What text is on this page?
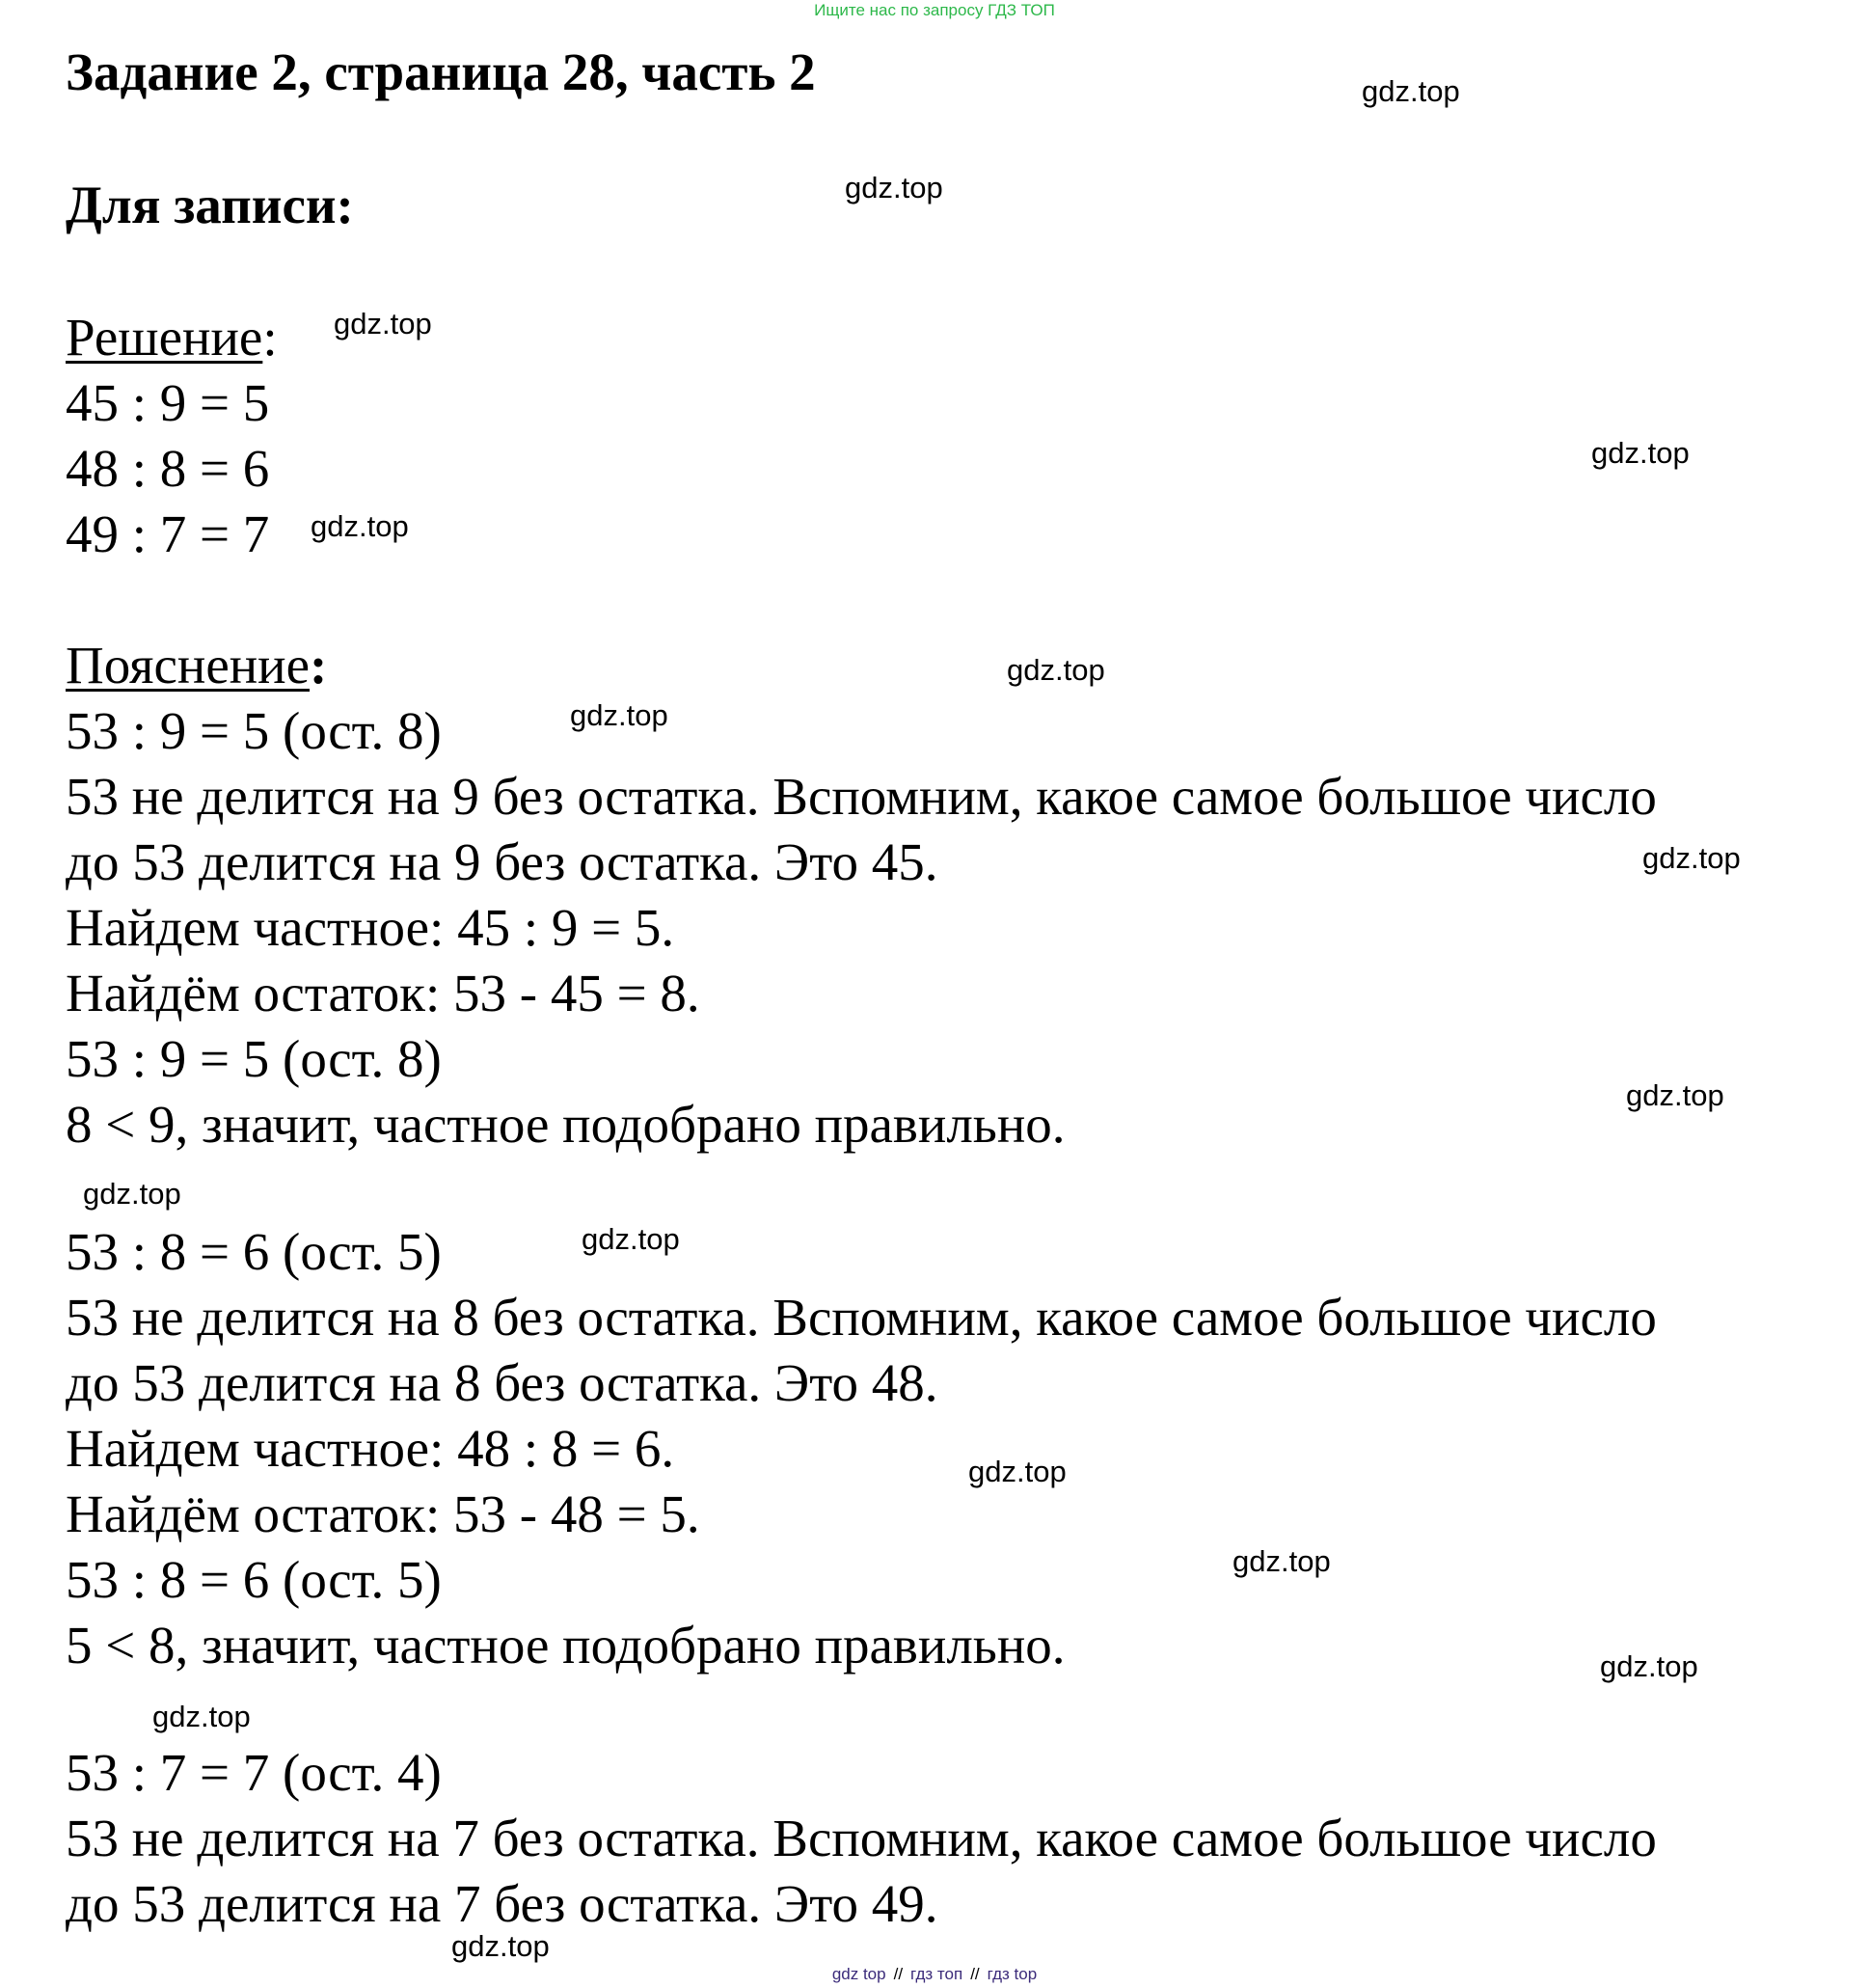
Ищите нас по запросу ГДЗ ТОП
Задание 2, страница 28, часть 2
Для записи:

Решение:

45 : 9 = 5

48 : 8 = 6

49 : 7 = 7

Пояснение:

53 : 9 = 5 (ост. 8)

53 не делится на 9 без остатка. Вспомним, какое самое большое число

до 53 делится на 9 без остатка. Это 45.

Найдем частное: 45 : 9 = 5.

Найдём остаток: 53 - 45 = 8.

53 : 9 = 5 (ост. 8)

8 < 9, значит, частное подобрано правильно.

53 : 8 = 6 (ост. 5)

53 не делится на 8 без остатка. Вспомним, какое самое большое число

до 53 делится на 8 без остатка. Это 48.

Найдем частное: 48 : 8 = 6.

Найдём остаток: 53 - 48 = 5.

53 : 8 = 6 (ост. 5)

5 < 8, значит, частное подобрано правильно.

53 : 7 = 7 (ост. 4)

53 не делится на 7 без остатка. Вспомним, какое самое большое число

до 53 делится на 7 без остатка. Это 49.

gdz.top
gdz.top
gdz.top
gdz.top
gdz.top
gdz.top
gdz.top
gdz.top
gdz.top
gdz.top
gdz.top
gdz.top
gdz.top
gdz.top
gdz.top
gdz.top
gdz top // гдз топ // гдз top
